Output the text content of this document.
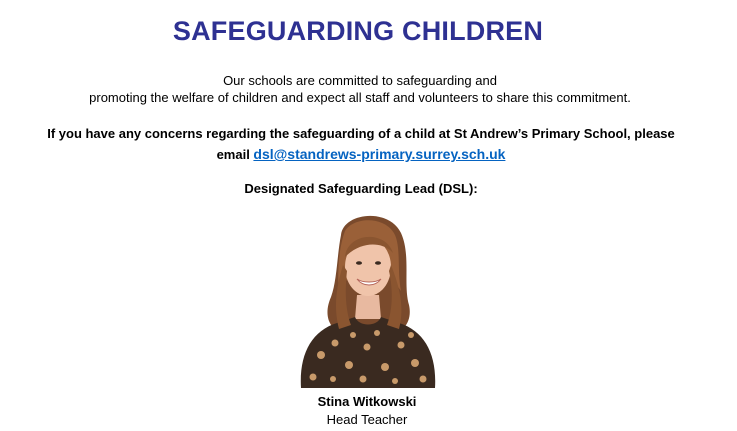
SAFEGUARDING CHILDREN
Our schools are committed to safeguarding and
promoting the welfare of children and expect all staff and volunteers to share this commitment.
If you have any concerns regarding the safeguarding of a child at St Andrew’s Primary School, please
email dsl@standrews-primary.surrey.sch.uk
Designated Safeguarding Lead (DSL):
Stina Witkowski
Head Teacher
